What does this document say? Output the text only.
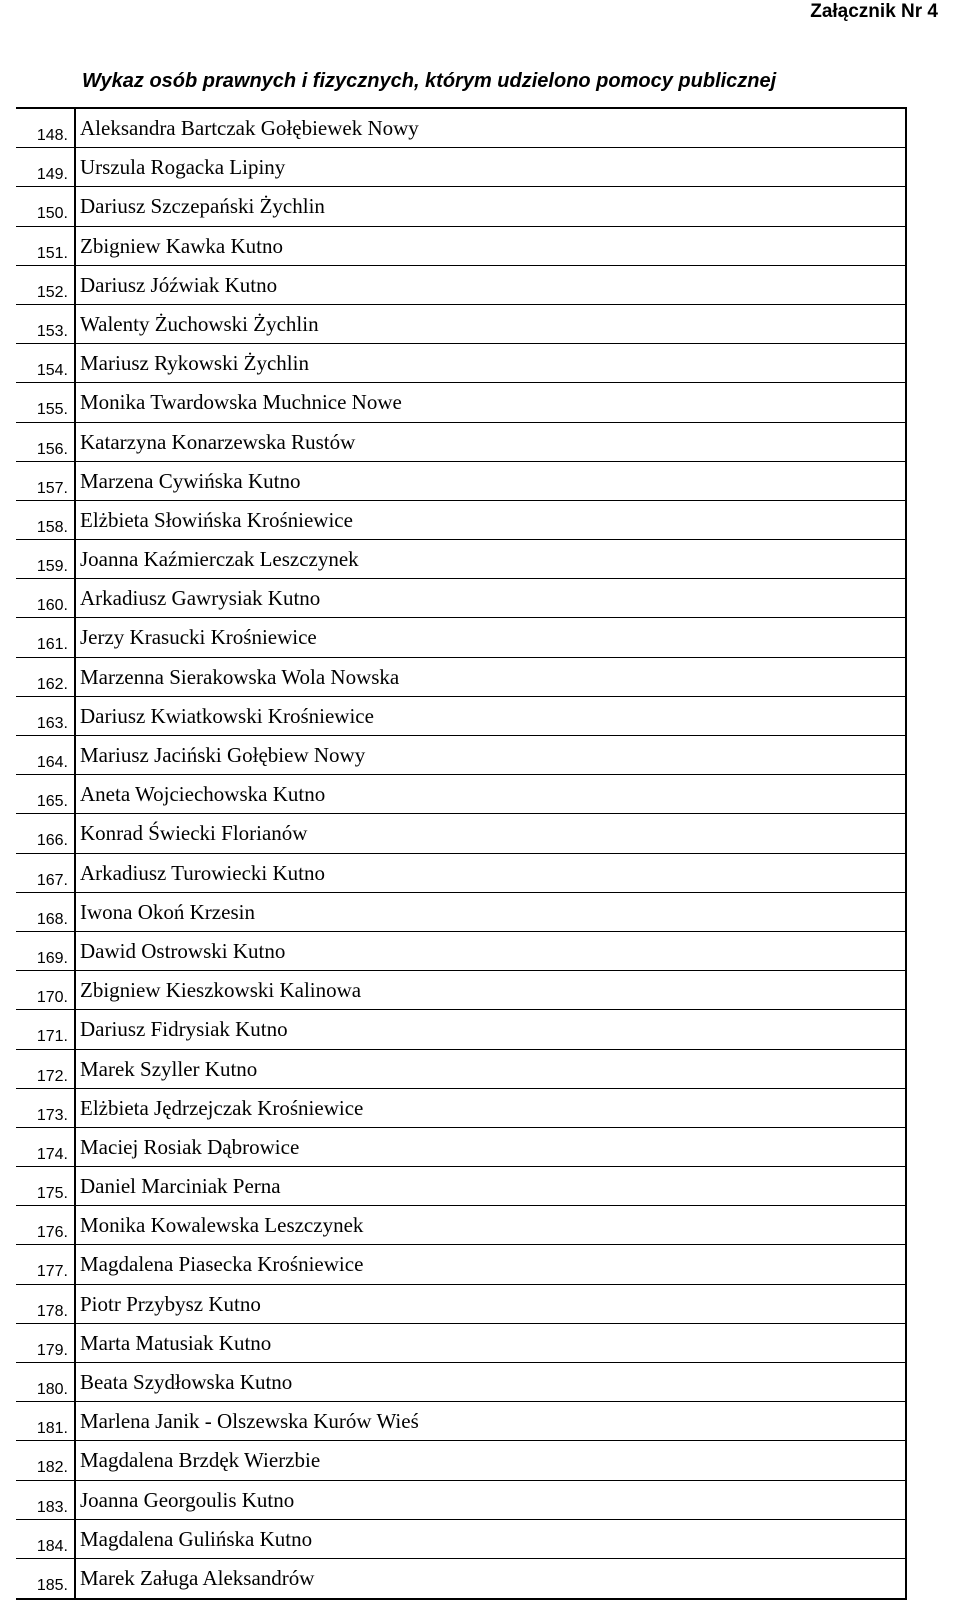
Załącznik Nr 4
Wykaz osób prawnych i fizycznych, którym udzielono pomocy publicznej
148. Aleksandra Bartczak Gołębiewek Nowy
149. Urszula Rogacka Lipiny
150. Dariusz Szczepański Żychlin
151. Zbigniew Kawka Kutno
152. Dariusz Jóźwiak Kutno
153. Walenty Żuchowski Żychlin
154. Mariusz Rykowski Żychlin
155. Monika Twardowska Muchnice Nowe
156. Katarzyna Konarzewska Rustów
157. Marzena Cywińska Kutno
158. Elżbieta Słowińska Krośniewice
159. Joanna Kaźmierczak Leszczynek
160. Arkadiusz Gawrysiak Kutno
161. Jerzy Krasucki Krośniewice
162. Marzenna Sierakowska Wola Nowska
163. Dariusz Kwiatkowski Krośniewice
164. Mariusz Jaciński Gołębiew Nowy
165. Aneta Wojciechowska Kutno
166. Konrad Świecki Florianów
167. Arkadiusz Turowiecki Kutno
168. Iwona Okoń Krzesin
169. Dawid Ostrowski Kutno
170. Zbigniew Kieszkowski Kalinowa
171. Dariusz Fidrysiak Kutno
172. Marek Szyller Kutno
173. Elżbieta Jędrzejczak Krośniewice
174. Maciej Rosiak Dąbrowice
175. Daniel Marciniak Perna
176. Monika Kowalewska Leszczynek
177. Magdalena Piasecka Krośniewice
178. Piotr Przybysz Kutno
179. Marta Matusiak Kutno
180. Beata Szydłowska Kutno
181. Marlena Janik - Olszewska Kurów Wieś
182. Magdalena Brzdęk Wierzbie
183. Joanna Georgoulis Kutno
184. Magdalena Gulińska Kutno
185. Marek Załuga Aleksandrów
